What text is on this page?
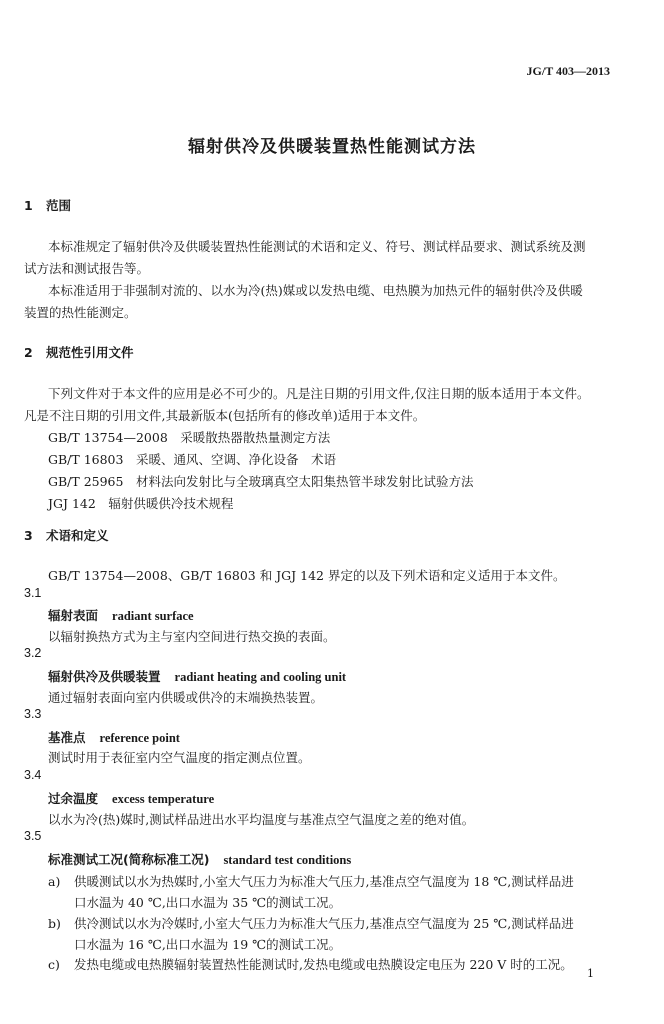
JG/T 403—2013
辐射供冷及供暖装置热性能测试方法
1 范围
本标准规定了辐射供冷及供暖装置热性能测试的术语和定义、符号、测试样品要求、测试系统及测
试方法和测试报告等。
本标准适用于非强制对流的、以水为冷(热)媒或以发热电缆、电热膜为加热元件的辐射供冷及供暖
装置的热性能测定。
2 规范性引用文件
下列文件对于本文件的应用是必不可少的。凡是注日期的引用文件,仅注日期的版本适用于本文件。
凡是不注日期的引用文件,其最新版本(包括所有的修改单)适用于本文件。
GB/T 13754—2008　采暖散热器散热量测定方法
GB/T 16803　采暖、通风、空调、净化设备　术语
GB/T 25965　材料法向发射比与全玻璃真空太阳集热管半球发射比试验方法
JGJ 142　辐射供暖供冷技术规程
3 术语和定义
GB/T 13754—2008、GB/T 16803 和 JGJ 142 界定的以及下列术语和定义适用于本文件。
3.1
辐射表面 radiant surface
以辐射换热方式为主与室内空间进行热交换的表面。
3.2
辐射供冷及供暖装置 radiant heating and cooling unit
通过辐射表面向室内供暖或供冷的末端换热装置。
3.3
基准点 reference point
测试时用于表征室内空气温度的指定测点位置。
3.4
过余温度 excess temperature
以水为冷(热)媒时,测试样品进出水平均温度与基准点空气温度之差的绝对值。
3.5
标准测试工况(简称标准工况) standard test conditions
a) 供暖测试以水为热媒时,小室大气压力为标准大气压力,基准点空气温度为 18 ℃,测试样品进
口水温为 40 ℃,出口水温为 35 ℃的测试工况。
b) 供冷测试以水为冷媒时,小室大气压力为标准大气压力,基准点空气温度为 25 ℃,测试样品进
口水温为 16 ℃,出口水温为 19 ℃的测试工况。
c) 发热电缆或电热膜辐射装置热性能测试时,发热电缆或电热膜设定电压为 220 V 时的工况。
1
